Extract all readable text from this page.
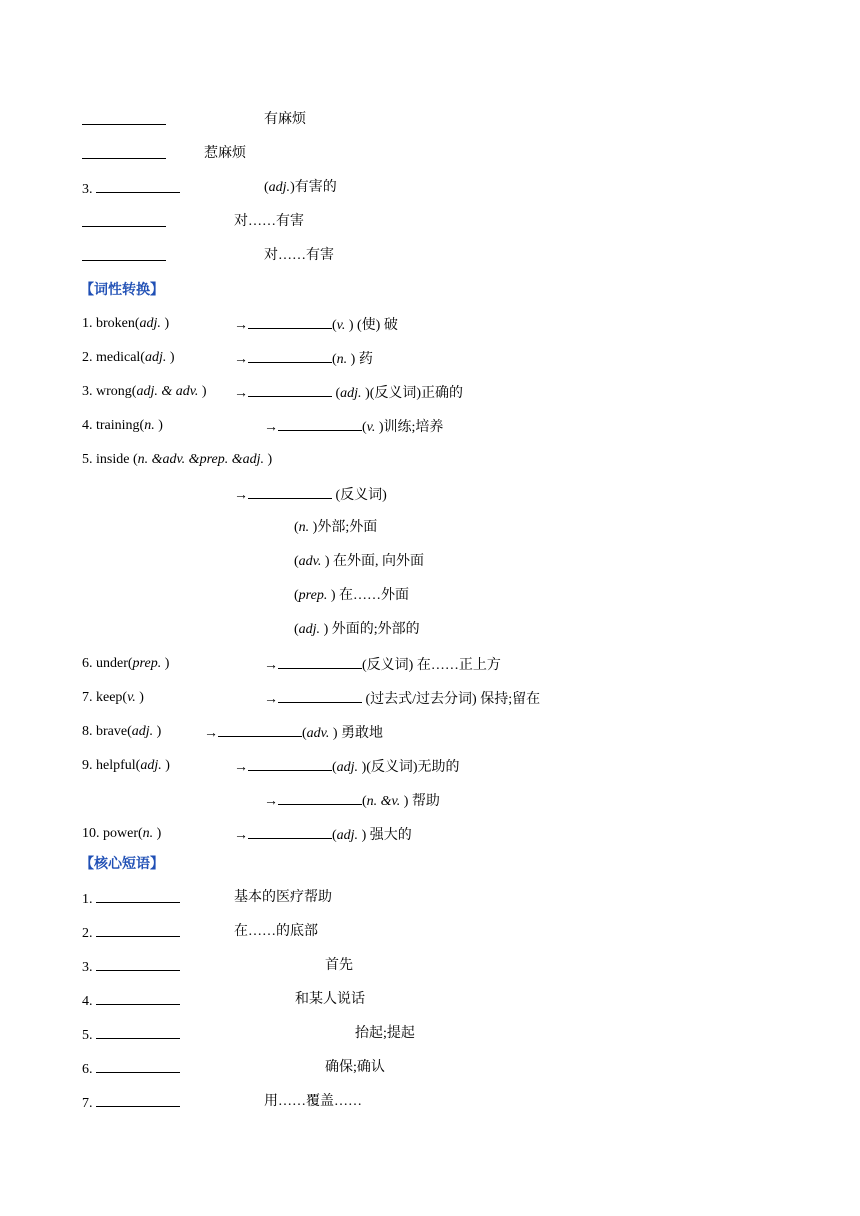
有麻烦
惹麻烦
3.	(adj.)有害的
对……有害
对……有害
【词性转换】
1. broken(adj. )	→	(v. ) (使) 破
2. medical(adj. )	→	(n. ) 药
3. wrong(adj. & adv. ) →	(adj. )(反义词)正确的
4. training(n. )	→	(v. )训练;培养
5. inside (n. &adv. &prep. &adj. )
→	(反义词)
(n. )外部;外面
(adv. ) 在外面, 向外面
(prep. ) 在……外面
(adj. ) 外面的;外部的
6. under(prep. )	→	(反义词) 在……正上方
7. keep(v. )	→	(过去式/过去分词) 保持;留在
8. brave(adj. )	→	(adv. ) 勇敢地
9. helpful(adj. )	→	(adj. )(反义词)无助的
→	(n. &v. ) 帮助
10. power(n. )	→	(adj. ) 强大的
【核心短语】
1.	基本的医疗帮助
2.	在……的底部
3.	首先
4.	和某人说话
5.	抬起;提起
6.	确保;确认
7.	用……覆盖……
